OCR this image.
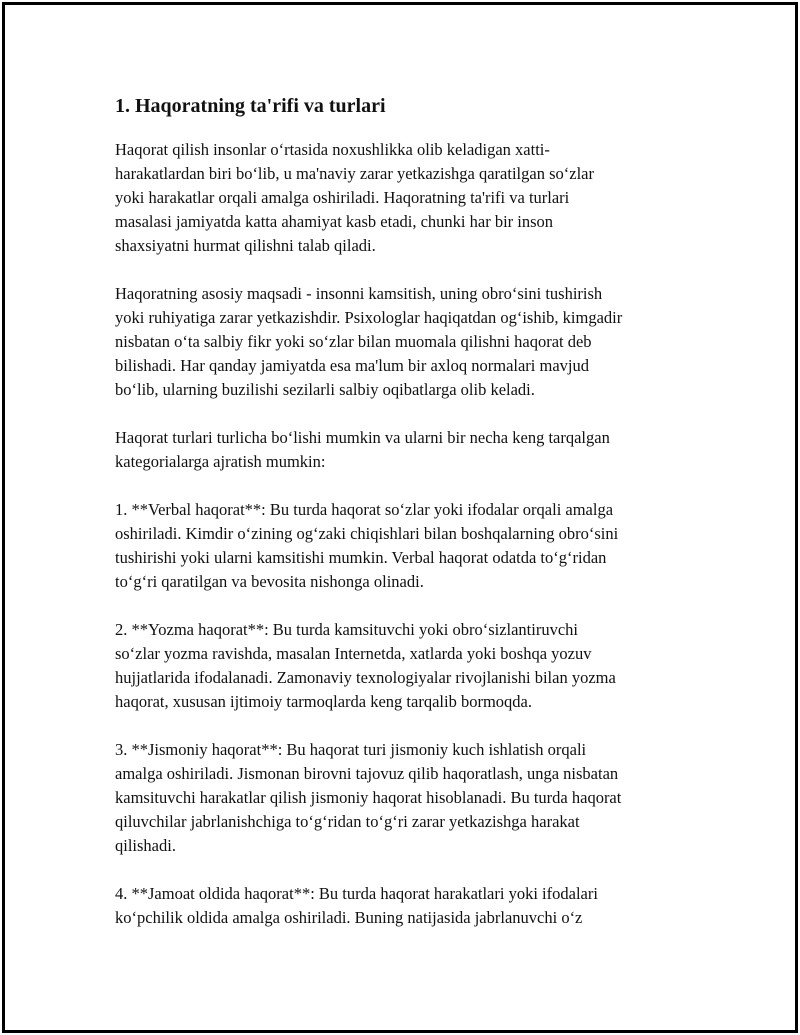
1. Haqoratning ta'rifi va turlari

Haqorat qilish insonlar o‘rtasida noxushlikka olib keladigan xatti-
harakatlardan biri bo‘lib, u ma'naviy zarar yetkazishga qaratilgan so‘zlar
yoki harakatlar orqali amalga oshiriladi. Haqoratning ta'rifi va turlari
masalasi jamiyatda katta ahamiyat kasb etadi, chunki har bir inson
shaxsiyatni hurmat qilishni talab qiladi.

Haqoratning asosiy maqsadi - insonni kamsitish, uning obro‘sini tushirish
yoki ruhiyatiga zarar yetkazishdir. Psixologlar haqiqatdan og‘ishib, kimgadir
nisbatan o‘ta salbiy fikr yoki so‘zlar bilan muomala qilishni haqorat deb
bilishadi. Har qanday jamiyatda esa ma'lum bir axloq normalari mavjud
bo‘lib, ularning buzilishi sezilarli salbiy oqibatlarga olib keladi.

Haqorat turlari turlicha bo‘lishi mumkin va ularni bir necha keng tarqalgan
kategorialarga ajratish mumkin:

1. **Verbal haqorat**: Bu turda haqorat so‘zlar yoki ifodalar orqali amalga
oshiriladi. Kimdir o‘zining og‘zaki chiqishlari bilan boshqalarning obro‘sini
tushirishi yoki ularni kamsitishi mumkin. Verbal haqorat odatda to‘g‘ridan
to‘g‘ri qaratilgan va bevosita nishonga olinadi.

2. **Yozma haqorat**: Bu turda kamsituvchi yoki obro‘sizlantiruvchi
so‘zlar yozma ravishda, masalan Internetda, xatlarda yoki boshqa yozuv
hujjatlarida ifodalanadi. Zamonaviy texnologiyalar rivojlanishi bilan yozma
haqorat, xususan ijtimoiy tarmoqlarda keng tarqalib bormoqda.

3. **Jismoniy haqorat**: Bu haqorat turi jismoniy kuch ishlatish orqali
amalga oshiriladi. Jismonan birovni tajovuz qilib haqoratlash, unga nisbatan
kamsituvchi harakatlar qilish jismoniy haqorat hisoblanadi. Bu turda haqorat
qiluvchilar jabrlanishchiga to‘g‘ridan to‘g‘ri zarar yetkazishga harakat
qilishadi.

4. **Jamoat oldida haqorat**: Bu turda haqorat harakatlari yoki ifodalari
ko‘pchilik oldida amalga oshiriladi. Buning natijasida jabrlanuvchi o‘z
